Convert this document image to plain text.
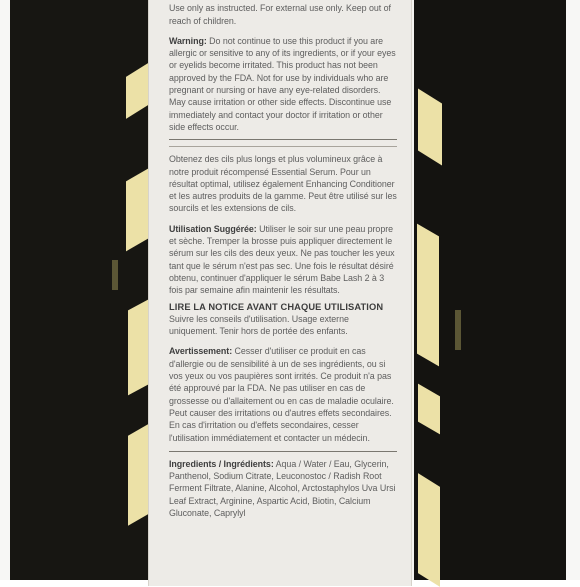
Use only as instructed. For external use only. Keep out of reach of children.
Warning: Do not continue to use this product if you are allergic or sensitive to any of its ingredients, or if your eyes or eyelids become irritated. This product has not been approved by the FDA. Not for use by individuals who are pregnant or nursing or have any eye-related disorders. May cause irritation or other side effects. Discontinue use immediately and contact your doctor if irritation or other side effects occur.
Obtenez des cils plus longs et plus volumineux grâce à notre produit récompensé Essential Serum. Pour un résultat optimal, utilisez également Enhancing Conditioner et les autres produits de la gamme. Peut être utilisé sur les sourcils et les extensions de cils.
Utilisation Suggérée: Utiliser le soir sur une peau propre et sèche. Tremper la brosse puis appliquer directement le sérum sur les cils des deux yeux. Ne pas toucher les yeux tant que le sérum n'est pas sec. Une fois le résultat désiré obtenu, continuer d'appliquer le sérum Babe Lash 2 à 3 fois par semaine afin maintenir les résultats.
LIRE LA NOTICE AVANT CHAQUE UTILISATION
Suivre les conseils d'utilisation. Usage externe uniquement. Tenir hors de portée des enfants.
Avertissement: Cesser d'utiliser ce produit en cas d'allergie ou de sensibilité à un de ses ingrédients, ou si vos yeux ou vos paupières sont irrités. Ce produit n'a pas été approuvé par la FDA. Ne pas utiliser en cas de grossesse ou d'allaitement ou en cas de maladie oculaire. Peut causer des irritations ou d'autres effets secondaires. En cas d'irritation ou d'effets secondaires, cesser l'utilisation immédiatement et contacter un médecin.
Ingredients / Ingrédients: Aqua / Water / Eau, Glycerin, Panthenol, Sodium Citrate, Leuconostoc / Radish Root Ferment Filtrate, Alanine, Alcohol, Arctostaphylos Uva Ursi Leaf Extract, Arginine, Aspartic Acid, Biotin, Calcium Gluconate, Caprylyl
